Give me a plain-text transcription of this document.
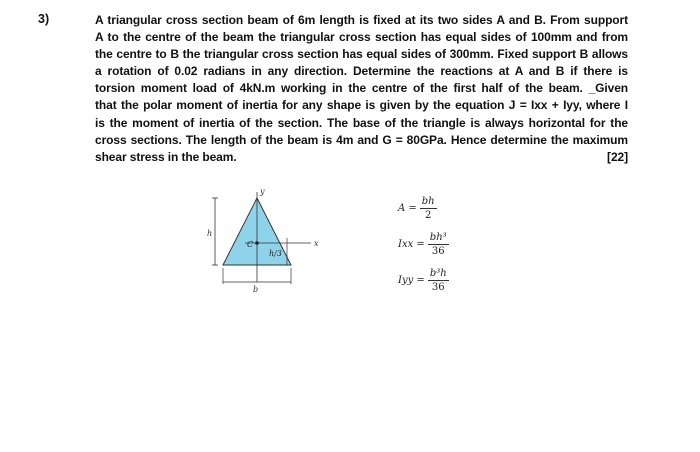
3)	A triangular cross section beam of 6m length is fixed at its two sides A and B. From support
A to the centre of the beam the triangular cross section has equal sides of 100mm and from
the centre to B the triangular cross section has equal sides of 300mm. Fixed support B allows
a rotation of 0.02 radians in any direction. Determine the reactions at A and B if there is
torsion moment load of 4kN.m working in the centre of the first half of the beam. _Given
that the polar moment of inertia for any shape is given by the equation J = Ixx + Iyy, where I
is the moment of inertia of the section. The base of the triangle is always horizontal for the
cross sections. The length of the beam is 4m and G = 80GPa. Hence determine the maximum
shear stress in the beam.	[22]
y
x
h
C
h/3
b
$A = \frac{bh}{2}$
Ixx = $\frac{\text{bh³}}{36}$
Iyy = $\frac{\text{b³h}}{36}$
